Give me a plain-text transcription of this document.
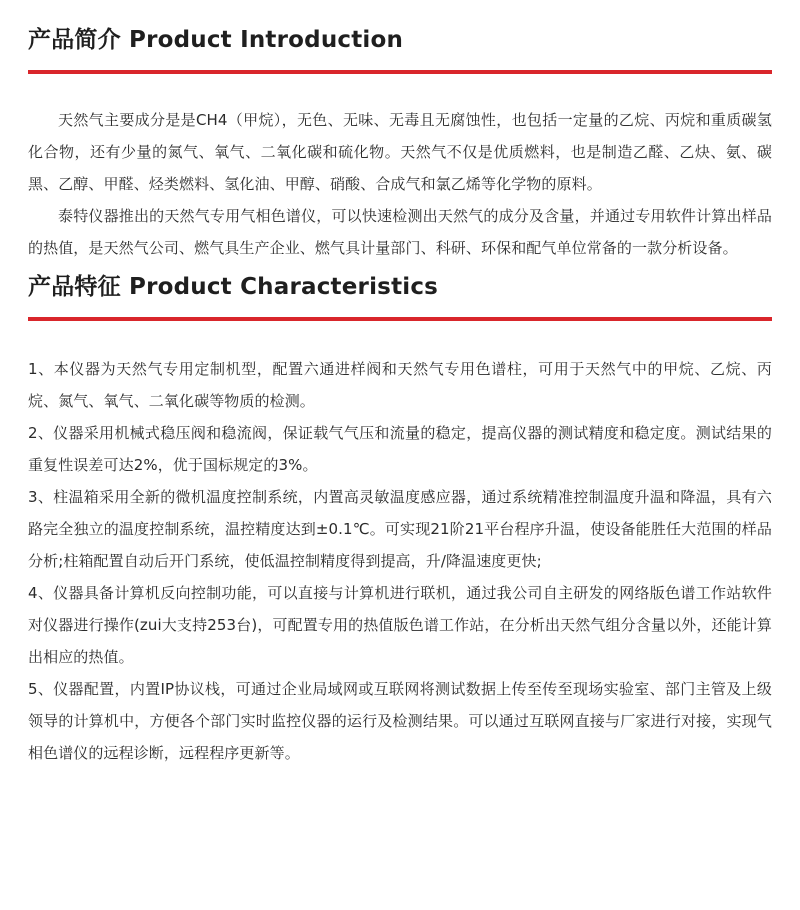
产品简介 Product Introduction

天然气主要成分是是CH4（甲烷），无色、无味、无毒且无腐蚀性，也包括一定量的乙烷、丙烷和重质碳氢化合物，还有少量的氮气、氧气、二氧化碳和硫化物。天然气不仅是优质燃料，也是制造乙醛、乙炔、氨、碳黑、乙醇、甲醛、烃类燃料、氢化油、甲醇、硝酸、合成气和氯乙烯等化学物的原料。

泰特仪器推出的天然气专用气相色谱仪，可以快速检测出天然气的成分及含量，并通过专用软件计算出样品的热值，是天然气公司、燃气具生产企业、燃气具计量部门、科研、环保和配气单位常备的一款分析设备。

产品特征 Product Characteristics

1、本仪器为天然气专用定制机型，配置六通进样阀和天然气专用色谱柱，可用于天然气中的甲烷、乙烷、丙烷、氮气、氧气、二氧化碳等物质的检测。

2、仪器采用机械式稳压阀和稳流阀，保证载气气压和流量的稳定，提高仪器的测试精度和稳定度。测试结果的重复性误差可达2%，优于国标规定的3%。

3、柱温箱采用全新的微机温度控制系统，内置高灵敏温度感应器，通过系统精准控制温度升温和降温，具有六路完全独立的温度控制系统，温控精度达到±0.1℃。可实现21阶21平台程序升温，使设备能胜任大范围的样品分析;柱箱配置自动后开门系统，使低温控制精度得到提高，升/降温速度更快;

4、仪器具备计算机反向控制功能，可以直接与计算机进行联机，通过我公司自主研发的网络版色谱工作站软件对仪器进行操作(zui大支持253台)，可配置专用的热值版色谱工作站，在分析出天然气组分含量以外，还能计算出相应的热值。

5、仪器配置，内置IP协议栈，可通过企业局域网或互联网将测试数据上传至传至现场实验室、部门主管及上级领导的计算机中，方便各个部门实时监控仪器的运行及检测结果。可以通过互联网直接与厂家进行对接，实现气相色谱仪的远程诊断，远程程序更新等。
